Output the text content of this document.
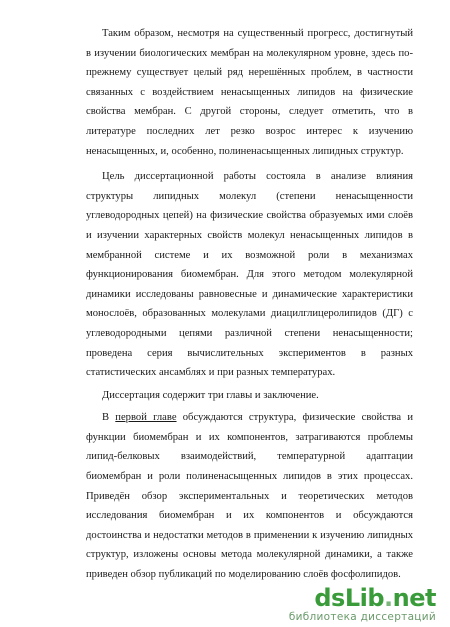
Таким образом, несмотря на существенный прогресс, достигнутый
в изучении биологических мембран на молекулярном уровне, здесь по-
прежнему существует целый ряд нерешённых проблем, в частности
связанных с воздействием ненасыщенных липидов на физические
свойства мембран. С другой стороны, следует отметить, что в
литературе последних лет резко возрос интерес к изучению
ненасыщенных, и, особенно, полиненасыщенных липидных структур.

Цель диссертационной работы состояла в анализе влияния
структуры липидных молекул (степени ненасыщенности
углеводородных цепей) на физические свойства образуемых ими слоёв
и изучении характерных свойств молекул ненасыщенных липидов в
мембранной системе и их возможной роли в механизмах
функционирования биомембран. Для этого методом молекулярной
динамики исследованы равновесные и динамические характеристики
монослоёв, образованных молекулами диацилглицеролипидов (ДГ) с
углеводородными цепями различной степени ненасыщенности;
проведена серия вычислительных экспериментов в разных
статистических ансамблях и при разных температурах.

Диссертация содержит три главы и заключение.

В первой главе обсуждаются структура, физические свойства и
функции биомембран и их компонентов, затрагиваются проблемы
липид-белковых взаимодействий, температурной адаптации
биомембран и роли полиненасыщенных липидов в этих процессах.
Приведён обзор экспериментальных и теоретических методов
исследования биомембран и их компонентов и обсуждаются
достоинства и недостатки методов в применении к изучению липидных
структур, изложены основы метода молекулярной динамики, а также
приведен обзор публикаций по моделированию слоёв фосфолипидов.

dsLib.net
библиотека диссертаций
